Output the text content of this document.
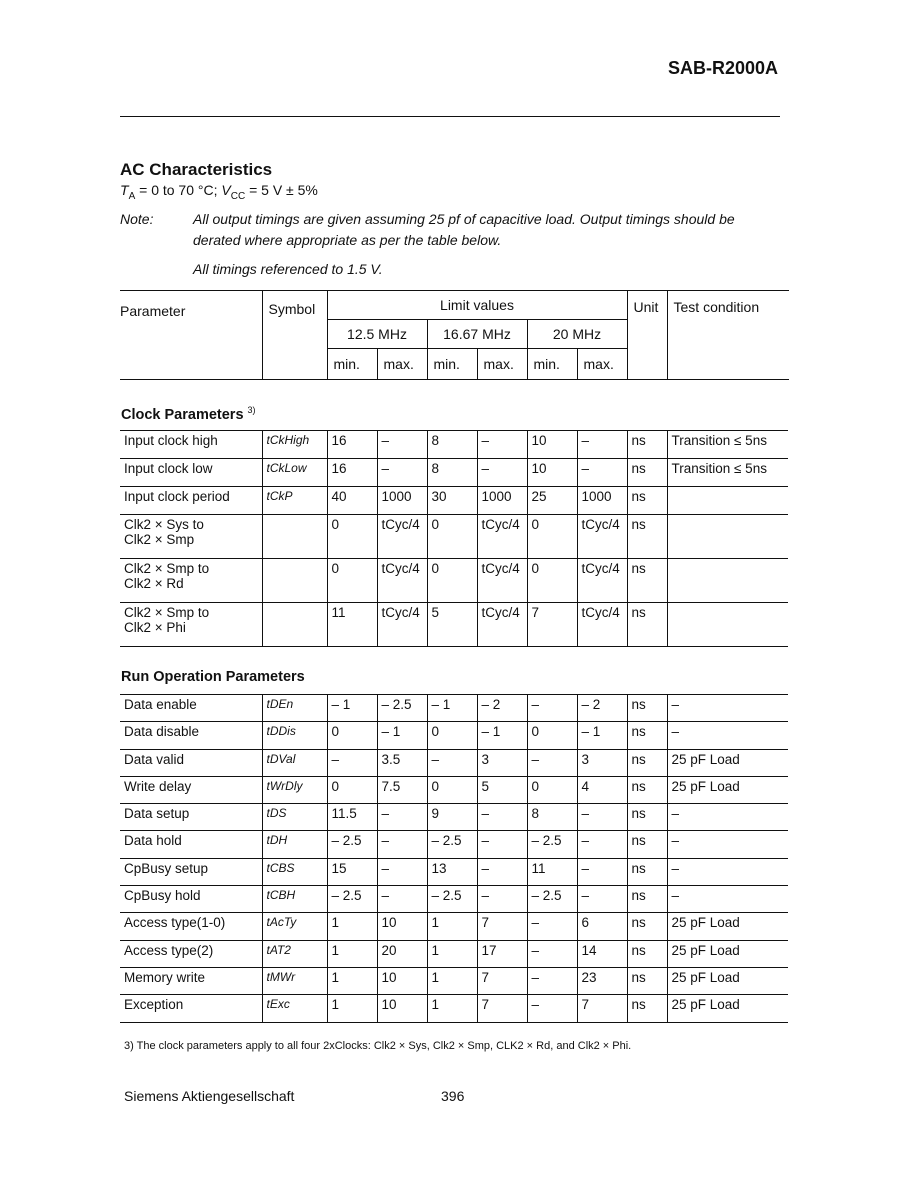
SAB-R2000A
AC Characteristics
$T_A = 0$ to 70 °C; $V_{CC} = 5$ V ± 5%
Note:	All output timings are given assuming 25 pf of capacitive load. Output timings should be derated where appropriate as per the table below.
All timings referenced to 1.5 V.
Parameter	Symbol	Limit values						Unit	Test condition
		12.5 MHz		16.67 MHz		20 MHz			
		min.	max.	min.	max.	min.	max.		
Clock Parameters $^{3)}$
Input clock high	tCkHigh	16	–	8	–	10	–	ns	Transition ≤ 5ns
Input clock low	tCkLow	16	–	8	–	10	–	ns	Transition ≤ 5ns
Input clock period	tCkP	40	1000	30	1000	25	1000	ns	
Clk2 × Sys to
Clk2 × Smp		0	tCyc/4	0	tCyc/4	0	tCyc/4	ns	
Clk2 × Smp to
Clk2 × Rd		0	tCyc/4	0	tCyc/4	0	tCyc/4	ns	
Clk2 × Smp to
Clk2 × Phi		11	tCyc/4	5	tCyc/4	7	tCyc/4	ns	
Run Operation Parameters
Data enable	tDEn	– 1	– 2.5	– 1	– 2	–	– 2	ns	–
Data disable	tDDis	0	– 1	0	– 1	0	– 1	ns	–
Data valid	tDVal	–	3.5	–	3	–	3	ns	25 pF Load
Write delay	tWrDly	0	7.5	0	5	0	4	ns	25 pF Load
Data setup	tDS	11.5	–	9	–	8	–	ns	–
Data hold	tDH	– 2.5	–	– 2.5	–	– 2.5	–	ns	–
CpBusy setup	tCBS	15	–	13	–	11	–	ns	–
CpBusy hold	tCBH	– 2.5	–	– 2.5	–	– 2.5	–	ns	–
Access type(1-0)	tAcTy	1	10	1	7	–	6	ns	25 pF Load
Access type(2)	tAT2	1	20	1	17	–	14	ns	25 pF Load
Memory write	tMWr	1	10	1	7	–	23	ns	25 pF Load
Exception	tExc	1	10	1	7	–	7	ns	25 pF Load
3) The clock parameters apply to all four 2xClocks: Clk2 × Sys, Clk2 × Smp, CLK2 × Rd, and Clk2 × Phi.
Siemens Aktiengesellschaft	396
